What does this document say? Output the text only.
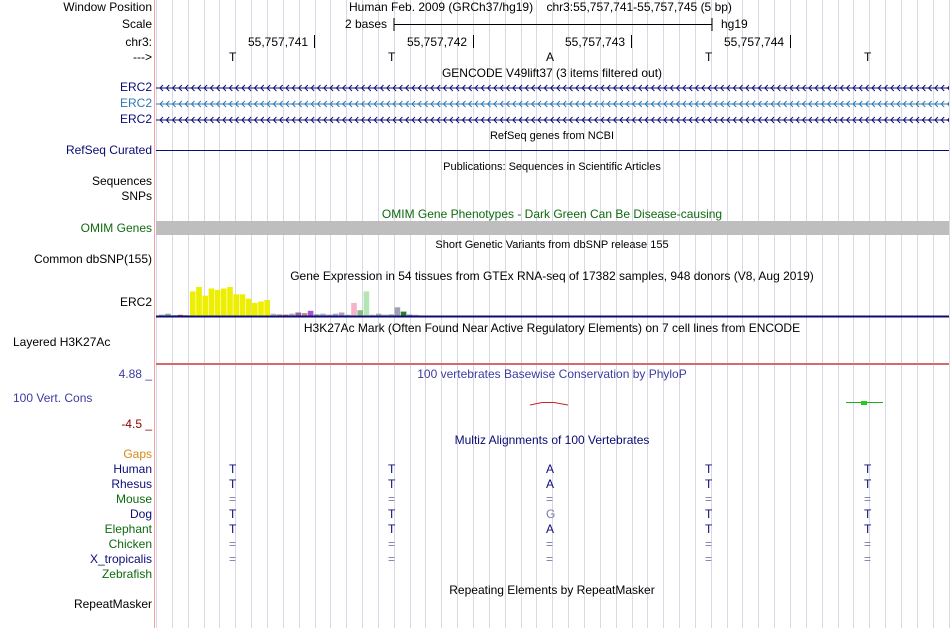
Window Position	Human Feb. 2009 (GRCh37/hg19)    chr3:55,757,741-55,757,745 (5 bp)
Scale	2 bases	hg19
chr3:	55,757,741	55,757,742	55,757,743	55,757,744
--->	T	T	A	T	T
GENCODE V49lift37 (3 items filtered out)
ERC2
ERC2
ERC2
RefSeq genes from NCBI
RefSeq Curated
Publications: Sequences in Scientific Articles
Sequences
SNPs
OMIM Gene Phenotypes - Dark Green Can Be Disease-causing
OMIM Genes
Short Genetic Variants from dbSNP release 155
Common dbSNP(155)
Gene Expression in 54 tissues from GTEx RNA-seq of 17382 samples, 948 donors (V8, Aug 2019)
ERC2
H3K27Ac Mark (Often Found Near Active Regulatory Elements) on 7 cell lines from ENCODE
Layered H3K27Ac
4.88 _	100 vertebrates Basewise Conservation by PhyloP
100 Vert. Cons
-4.5 _
Multiz Alignments of 100 Vertebrates
Gaps
Human	T	T	A	T	T
Rhesus	T	T	A	T	T
Mouse	=	=	=	=	=
Dog	T	T	G	T	T
Elephant	T	T	A	T	T
Chicken	=	=	=	=	=
X_tropicalis	=	=	=	=	=
Zebrafish
Repeating Elements by RepeatMasker
RepeatMasker
